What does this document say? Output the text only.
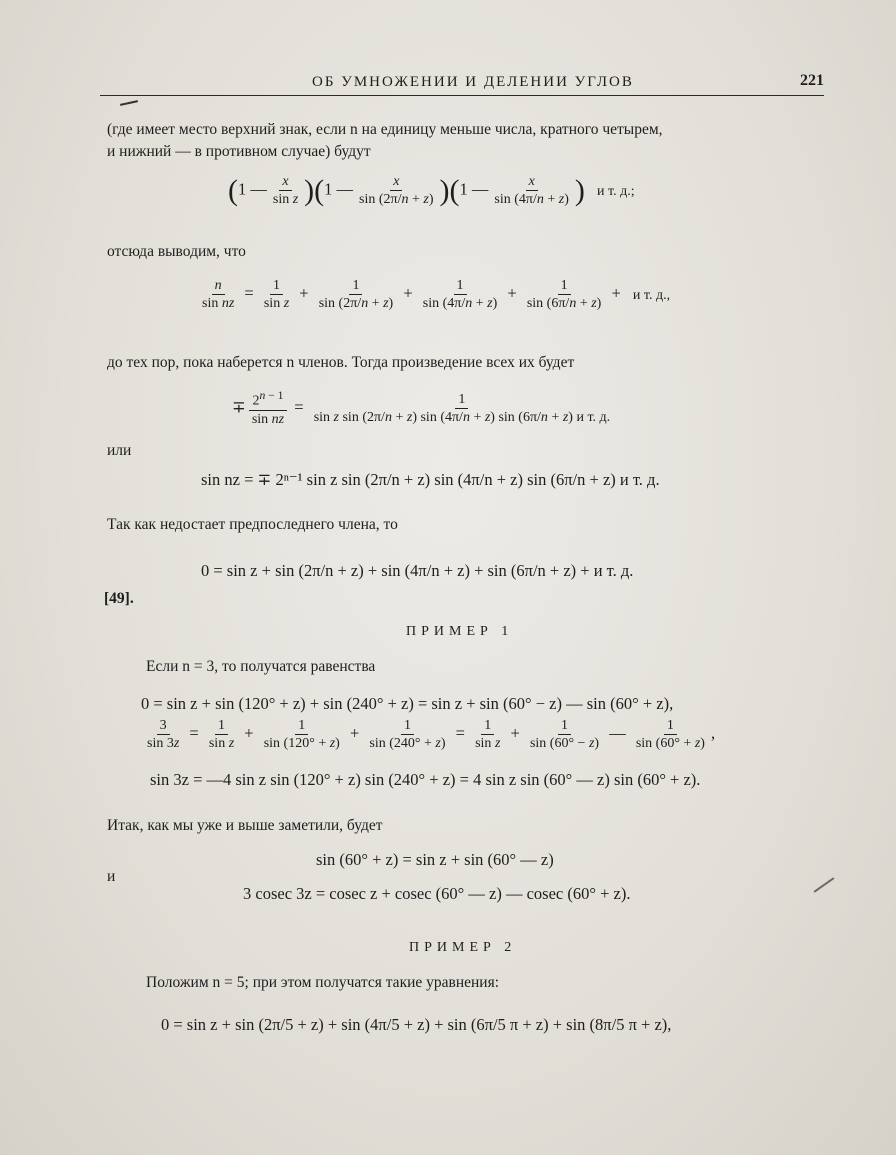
ОБ УМНОЖЕНИИ И ДЕЛЕНИИ УГЛОВ	221
(где имеет место верхний знак, если n на единицу меньше числа, кратного четырем,
и нижний — в противном случае) будут
(1 — $\frac{x}{\text{sin z}} )(1$ — $\frac{x}{\sin (2\pi/n + z)} )(1$ — $\frac{x}{\sin (4\pi/n + z)}$ ) и т. д.;
отсюда выводим, что
$\frac{n}{\text{sin nz}} = \frac{1}{\text{sin z}} + \frac{1}{\sin (2\pi/n + z)} + \frac{1}{\sin (4\pi/n + z)} + \frac{1}{\sin (6\pi/n + z)} + и$ т. д.,
до тех пор, пока наберется n членов. Тогда произведение всех их будет
∓ $\frac{2^{n - 1}}{\text{sin nz}} = \frac{1}{\text{sin z sin (2π/n + z) sin (4π/n + z) sin (6π/n + z) и т. д.}}$
или
sin nz = ∓ 2ⁿ⁻¹ sin z sin (2π/n + z) sin (4π/n + z) sin (6π/n + z) и т. д.
Так как недостает предпоследнего члена, то
0 = sin z + sin (2π/n + z) + sin (4π/n + z) + sin (6π/n + z) + и т. д.
[49].
ПРИМЕР 1
Если n = 3, то получатся равенства
0 = sin z + sin (120° + z) + sin (240° + z) = sin z + sin (60° − z) — sin (60° + z),
$\frac{3}{\sin 3z} = \frac{1}{\text{sin z}} + \frac{1}{\sin (120^\circ + z)} + \frac{1}{\sin (240^\circ + z)} = \frac{1}{\text{sin z}} + \frac{1}{\sin (60^\circ - z)}$ — $\frac{1}{\sin (60^\circ + z)}$ ,
sin 3z = —4 sin z sin (120° + z) sin (240° + z) = 4 sin z sin (60° — z) sin (60° + z).
Итак, как мы уже и выше заметили, будет
sin (60° + z) = sin z + sin (60° — z)
и
3 cosec 3z = cosec z + cosec (60° — z) — cosec (60° + z).
ПРИМЕР 2
Положим n = 5; при этом получатся такие уравнения:
0 = sin z + sin (2π/5 + z) + sin (4π/5 + z) + sin (6π/5 π + z) + sin (8π/5 π + z),
